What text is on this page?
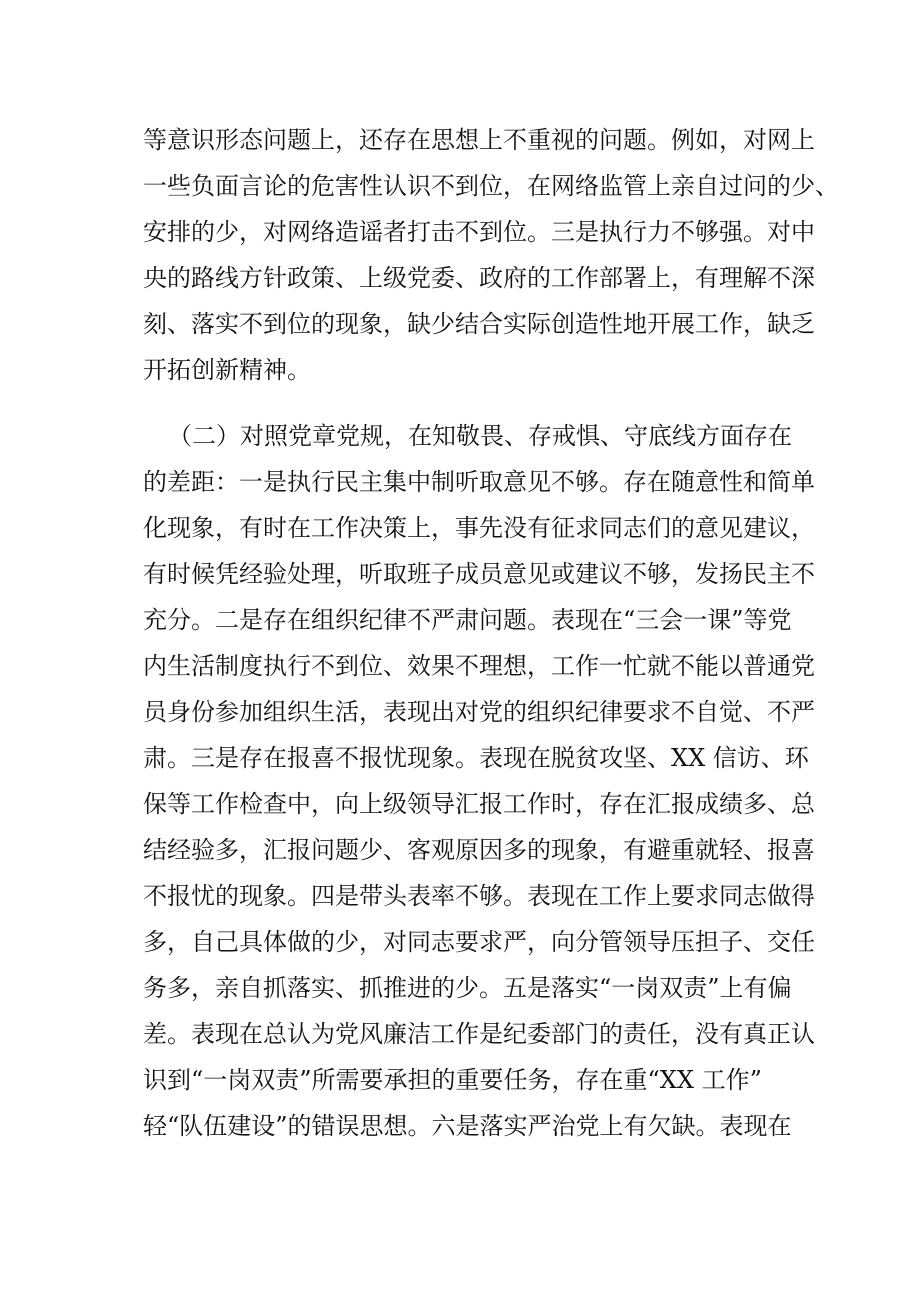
等意识形态问题上，还存在思想上不重视的问题。例如，对网上
一些负面言论的危害性认识不到位，在网络监管上亲自过问的少、
安排的少，对网络造谣者打击不到位。三是执行力不够强。对中
央的路线方针政策、上级党委、政府的工作部署上，有理解不深
刻、落实不到位的现象，缺少结合实际创造性地开展工作，缺乏
开拓创新精神。
（二）对照党章党规，在知敬畏、存戒惧、守底线方面存在
的差距：一是执行民主集中制听取意见不够。存在随意性和简单
化现象，有时在工作决策上，事先没有征求同志们的意见建议，
有时候凭经验处理，听取班子成员意见或建议不够，发扬民主不
充分。二是存在组织纪律不严肃问题。表现在“三会一课”等党
内生活制度执行不到位、效果不理想，工作一忙就不能以普通党
员身份参加组织生活，表现出对党的组织纪律要求不自觉、不严
肃。三是存在报喜不报忧现象。表现在脱贫攻坚、XX 信访、环
保等工作检查中，向上级领导汇报工作时，存在汇报成绩多、总
结经验多，汇报问题少、客观原因多的现象，有避重就轻、报喜
不报忧的现象。四是带头表率不够。表现在工作上要求同志做得
多，自己具体做的少，对同志要求严，向分管领导压担子、交任
务多，亲自抓落实、抓推进的少。五是落实“一岗双责”上有偏
差。表现在总认为党风廉洁工作是纪委部门的责任，没有真正认
识到“一岗双责”所需要承担的重要任务，存在重“XX 工作”
轻“队伍建设”的错误思想。六是落实严治党上有欠缺。表现在
